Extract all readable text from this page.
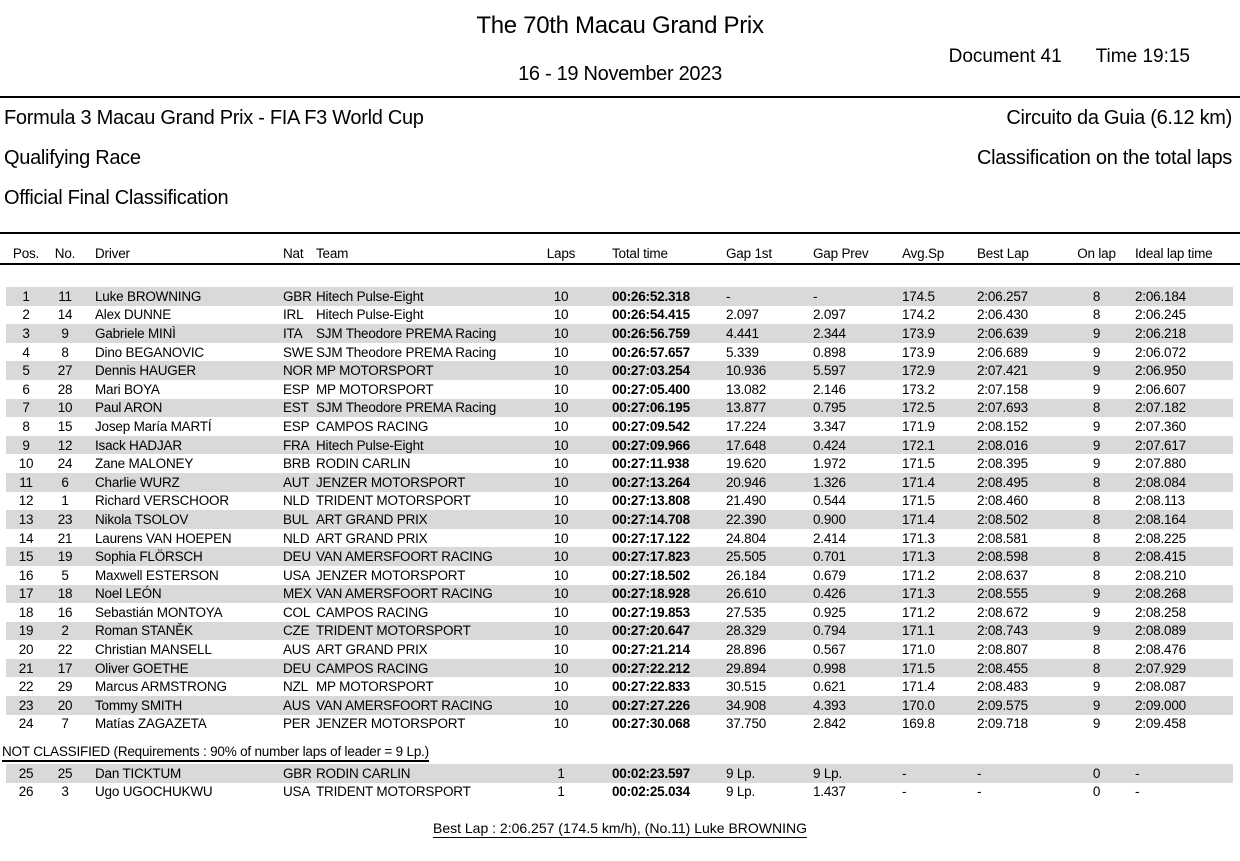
The 70th Macau Grand Prix
Document 41 Time 19:15
16 - 19 November 2023
Formula 3 Macau Grand Prix - FIA F3 World Cup	Circuito da Guia (6.12 km)
Qualifying Race	Classification on the total laps
Official Final Classification
Pos.	No.	Driver	Nat Team	Laps	Total time	Gap 1st	Gap Prev	Avg.Sp	Best Lap	On lap	Ideal lap time
1	11	Luke BROWNING	GBR Hitech Pulse-Eight	10	00:26:52.318	-	-	174.5	2:06.257	8	2:06.184
2	14	Alex DUNNE	IRL Hitech Pulse-Eight	10	00:26:54.415	2.097	2.097	174.2	2:06.430	8	2:06.245
3	9	Gabriele MINÌ	ITA	SJM Theodore PREMA Racing	10	00:26:56.759	4.441	2.344	173.9	2:06.639	9	2:06.218
4	8	Dino BEGANOVIC	SWE SJM Theodore PREMA Racing	10	00:26:57.657	5.339	0.898	173.9	2:06.689	9	2:06.072
5	27	Dennis HAUGER	NOR MP MOTORSPORT	10	00:27:03.254	10.936	5.597	172.9	2:07.421	9	2:06.950
6	28	Mari BOYA	ESP MP MOTORSPORT	10	00:27:05.400	13.082	2.146	173.2	2:07.158	9	2:06.607
7	10	Paul ARON	EST SJM Theodore PREMA Racing	10	00:27:06.195	13.877	0.795	172.5	2:07.693	8	2:07.182
8	15	Josep María MARTÍ	ESP CAMPOS RACING	10	00:27:09.542	17.224	3.347	171.9	2:08.152	9	2:07.360
9	12	Isack HADJAR	FRA Hitech Pulse-Eight	10	00:27:09.966	17.648	0.424	172.1	2:08.016	9	2:07.617
10	24	Zane MALONEY	BRB RODIN CARLIN	10	00:27:11.938	19.620	1.972	171.5	2:08.395	9	2:07.880
11	6	Charlie WURZ	AUT JENZER MOTORSPORT	10	00:27:13.264	20.946	1.326	171.4	2:08.495	8	2:08.084
12	1	Richard VERSCHOOR	NLD TRIDENT MOTORSPORT	10	00:27:13.808	21.490	0.544	171.5	2:08.460	8	2:08.113
13	23	Nikola TSOLOV	BUL ART GRAND PRIX	10	00:27:14.708	22.390	0.900	171.4	2:08.502	8	2:08.164
14	21	Laurens VAN HOEPEN	NLD ART GRAND PRIX	10	00:27:17.122	24.804	2.414	171.3	2:08.581	8	2:08.225
15	19	Sophia FLÖRSCH	DEU VAN AMERSFOORT RACING	10	00:27:17.823	25.505	0.701	171.3	2:08.598	8	2:08.415
16	5	Maxwell ESTERSON	USA JENZER MOTORSPORT	10	00:27:18.502	26.184	0.679	171.2	2:08.637	8	2:08.210
17	18	Noel LEÓN	MEX VAN AMERSFOORT RACING	10	00:27:18.928	26.610	0.426	171.3	2:08.555	9	2:08.268
18	16	Sebastián MONTOYA	COL CAMPOS RACING	10	00:27:19.853	27.535	0.925	171.2	2:08.672	9	2:08.258
19	2	Roman STANĚK	CZE TRIDENT MOTORSPORT	10	00:27:20.647	28.329	0.794	171.1	2:08.743	9	2:08.089
20	22	Christian MANSELL	AUS ART GRAND PRIX	10	00:27:21.214	28.896	0.567	171.0	2:08.807	8	2:08.476
21	17	Oliver GOETHE	DEU CAMPOS RACING	10	00:27:22.212	29.894	0.998	171.5	2:08.455	8	2:07.929
22	29	Marcus ARMSTRONG	NZL MP MOTORSPORT	10	00:27:22.833	30.515	0.621	171.4	2:08.483	9	2:08.087
23	20	Tommy SMITH	AUS VAN AMERSFOORT RACING	10	00:27:27.226	34.908	4.393	170.0	2:09.575	9	2:09.000
24	7	Matías ZAGAZETA	PER JENZER MOTORSPORT	10	00:27:30.068	37.750	2.842	169.8	2:09.718	9	2:09.458
NOT CLASSIFIED (Requirements : 90% of number laps of leader = 9 Lp.)
25	25	Dan TICKTUM	GBR RODIN CARLIN	1	00:02:23.597	9 Lp.	9 Lp.	-	-	0	-
26	3	Ugo UGOCHUKWU	USA TRIDENT MOTORSPORT	1	00:02:25.034	9 Lp.	1.437	-	-	0	-
Best Lap : 2:06.257 (174.5 km/h), (No.11) Luke BROWNING
